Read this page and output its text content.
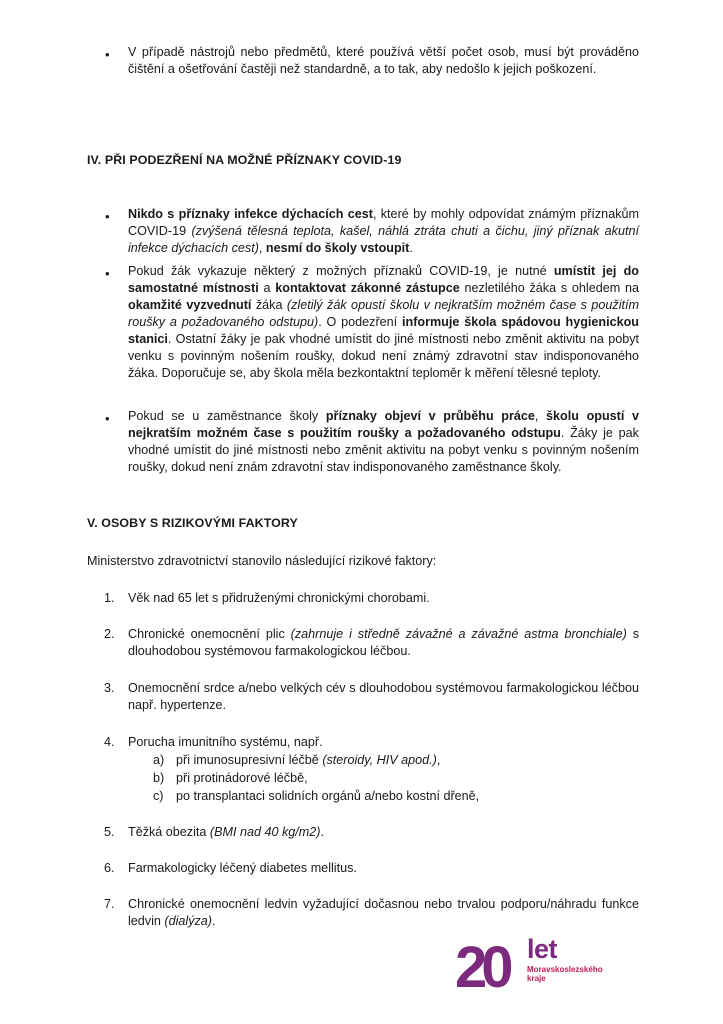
• V případě nástrojů nebo předmětů, které používá větší počet osob, musí být prováděno čištění a ošetřování častěji než standardně, a to tak, aby nedošlo k jejich poškození.
IV. PŘI PODEZŘENÍ NA MOŽNÉ PŘÍZNAKY COVID-19
• Nikdo s příznaky infekce dýchacích cest, které by mohly odpovídat známým příznakům COVID-19 (zvýšená tělesná teplota, kašel, náhlá ztráta chuti a čichu, jiný příznak akutní infekce dýchacích cest), nesmí do školy vstoupit.
• Pokud žák vykazuje některý z možných příznaků COVID-19, je nutné umístit jej do samostatné místnosti a kontaktovat zákonné zástupce nezletilého žáka s ohledem na okamžité vyzvednutí žáka (zletilý žák opustí školu v nejkratším možném čase s použitím roušky a požadovaného odstupu). O podezření informuje škola spádovou hygienickou stanici. Ostatní žáky je pak vhodné umístit do jiné místnosti nebo změnit aktivitu na pobyt venku s povinným nošením roušky, dokud není známý zdravotní stav indisponovaného žáka. Doporučuje se, aby škola měla bezkontaktní teploměr k měření tělesné teploty.
• Pokud se u zaměstnance školy příznaky objeví v průběhu práce, školu opustí v nejkratším možném čase s použitím roušky a požadovaného odstupu. Žáky je pak vhodné umístit do jiné místnosti nebo změnit aktivitu na pobyt venku s povinným nošením roušky, dokud není znám zdravotní stav indisponovaného zaměstnance školy.
V. OSOBY S RIZIKOVÝMI FAKTORY
Ministerstvo zdravotnictví stanovilo následující rizikové faktory:
1. Věk nad 65 let s přidruženými chronickými chorobami.
2. Chronické onemocnění plic (zahrnuje i středně závažné a závažné astma bronchiale) s dlouhodobou systémovou farmakologickou léčbou.
3. Onemocnění srdce a/nebo velkých cév s dlouhodobou systémovou farmakologickou léčbou např. hypertenze.
4. Porucha imunitního systému, např.
a) při imunosupresivní léčbě (steroidy, HIV apod.),
b) při protinádorové léčbě,
c) po transplantaci solidních orgánů a/nebo kostní dřeně,
5. Těžká obezita (BMI nad 40 kg/m2).
6. Farmakologicky léčený diabetes mellitus.
7. Chronické onemocnění ledvin vyžadující dočasnou nebo trvalou podporu/náhradu funkce ledvin (dialýza).
20 let
Moravskoslezského
kraje
